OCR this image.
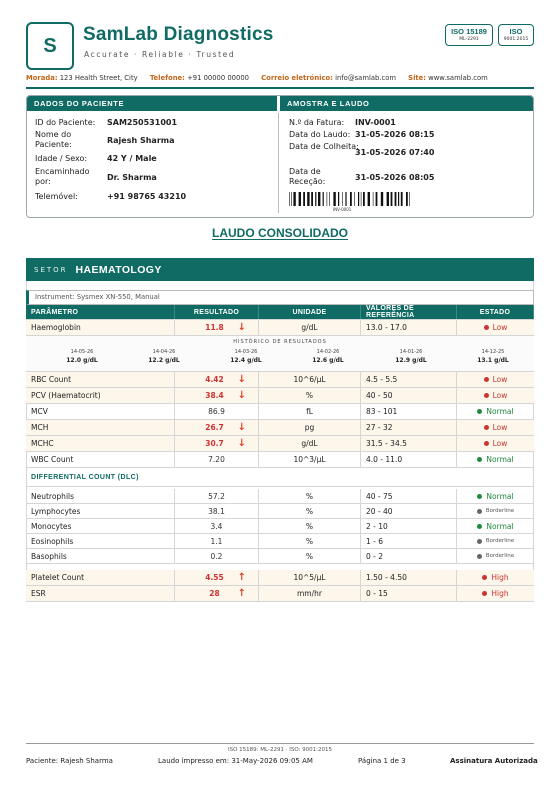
S SamLab Diagnostics
Accurate · Reliable · Trusted
ISO 15189
ML-2291
ISO
9001:2015
Morada: 123 Health Street, City Telefone: +91 00000 00000 Correio eletrónico: info@samlab.com Site: www.samlab.com
DADOS DO PACIENTE	AMOSTRA E LAUDO
ID do Paciente:	SAM250531001
Nome do Paciente:	Rajesh Sharma
Idade / Sexo:	42 Y / Male
Encaminhado por:	Dr. Sharma
Telemóvel:	+91 98765 43210
N.º da Fatura:	INV-0001
Data do Laudo: 31-05-2026 08:15
Data de Colheita:
31-05-2026 07:40
Data de Receção:	31-05-2026 08:05
INV-0001
LAUDO CONSOLIDADO
SETOR HAEMATOLOGY
Instrument: Sysmex XN-550, Manual
PARÂMETRO	RESULTADO	UNIDADE	VALORES DE REFERÊNCIA	ESTADO
Haemoglobin	11.8 ↓	g/dL	13.0 - 17.0	Low
HISTÓRICO DE RESULTADOS
14-05-26
12.0 g/dL
14-04-26
12.2 g/dL
14-03-26
12.4 g/dL
14-02-26
12.6 g/dL
14-01-26
12.9 g/dL
14-12-25
13.1 g/dL
RBC Count	4.42 ↓	10^6/µL	4.5 - 5.5	Low
PCV (Haematocrit)	38.4 ↓	%	40 - 50	Low
MCV	86.9	fL	83 - 101	Normal
MCH	26.7 ↓	pg	27 - 32	Low
MCHC	30.7 ↓	g/dL	31.5 - 34.5	Low
WBC Count	7.20	10^3/µL	4.0 - 11.0	Normal
DIFFERENTIAL COUNT (DLC)
Neutrophils	57.2	%	40 - 75	Normal
Lymphocytes	38.1	%	20 - 40	Borderline
Monocytes	3.4	%	2 - 10	Normal
Eosinophils	1.1	%	1 - 6	Borderline
Basophils	0.2	%	0 - 2	Borderline
Platelet Count	4.55 ↑	10^5/µL	1.50 - 4.50	High
ESR	28 ↑	mm/hr	0 - 15	High
ISO 15189: ML-2291 · ISO: 9001:2015
Paciente: Rajesh Sharma	Laudo impresso em: 31-May-2026 09:05 AM	Página 1 de 3	Assinatura Autorizada
